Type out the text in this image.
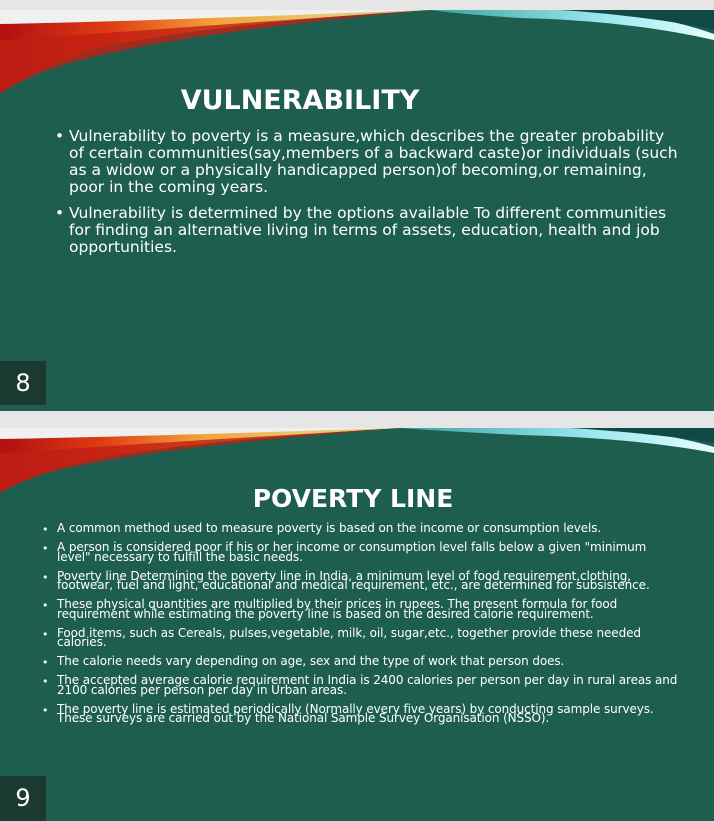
VULNERABILITY
• Vulnerability to poverty is a measure,which describes the greater probability of certain communities(say,members of a backward caste)or individuals (such as a widow or a physically handicapped person)of becoming,or remaining, poor in the coming years.
• Vulnerability is determined by the options available To different communities for finding an alternative living in terms of assets, education, health and job opportunities.
8
POVERTY LINE
• A common method used to measure poverty is based on the income or consumption levels.
• A person is considered poor if his or her income or consumption level falls below a given "minimum level" necessary to fulfill the basic needs.
• Poverty line Determining the poverty line in India, a minimum level of food requirement,clothing, footwear, fuel and light, educational and medical requirement, etc., are determined for subsistence.
• These physical quantities are multiplied by their prices in rupees. The present formula for food requirement while estimating the poverty line is based on the desired calorie requirement.
• Food items, such as Cereals, pulses,vegetable, milk, oil, sugar,etc., together provide these needed calories.
• The calorie needs vary depending on age, sex and the type of work that person does.
• The accepted average calorie requirement in India is 2400 calories per person per day in rural areas and 2100 calories per person per day in Urban areas.
• The poverty line is estimated periodically (Normally every five years) by conducting sample surveys. These surveys are carried out by the National Sample Survey Organisation (NSSO).
9
